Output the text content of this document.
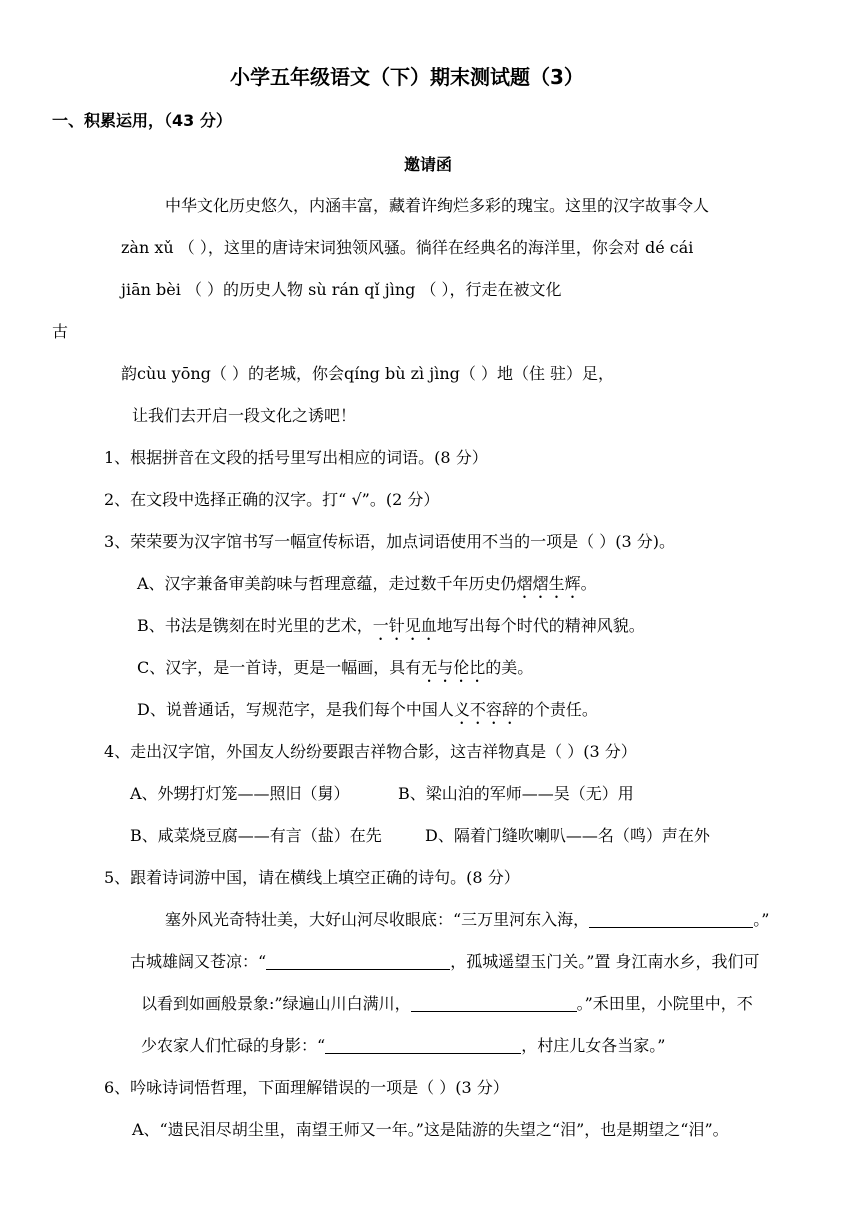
小学五年级语文（下）期末测试题（3）
一、积累运用，（43 分）
邀请函
中华文化历史悠久，内涵丰富，藏着许绚烂多彩的瑰宝。这里的汉字故事令人
zàn xǔ （ ），这里的唐诗宋词独领风骚。徜徉在经典名的海洋里，你会对 dé cái
jiān bèi （ ）的历史人物 sù rán qǐ jìng （ ），行走在被文化
古
韵cùu yōng（ ）的老城，你会qíng bù zì jìng（ ）地（住 驻）足，
让我们去开启一段文化之诱吧！
1、根据拼音在文段的括号里写出相应的词语。(8 分）
2、在文段中选择正确的汉字。打“ √”。(2 分）
3、荣荣要为汉字馆书写一幅宣传标语，加点词语使用不当的一项是（ ）(3 分)。
A、汉字兼备审美韵味与哲理意蕴，走过数千年历史仍熠熠生辉。
B、书法是镌刻在时光里的艺术，一针见血地写出每个时代的精神风貌。
C、汉字，是一首诗，更是一幅画，具有无与伦比的美。
D、说普通话，写规范字，是我们每个中国人义不容辞的个责任。
4、走出汉字馆，外国友人纷纷要跟吉祥物合影，这吉祥物真是（ ）(3 分）
A、外甥打灯笼——照旧（舅）	B、梁山泊的军师——吴（无）用
B、咸菜烧豆腐——有言（盐）在先	D、隔着门缝吹喇叭——名（鸣）声在外
5、跟着诗词游中国，请在横线上填空正确的诗句。(8 分）
塞外风光奇特壮美，大好山河尽收眼底：“三万里河东入海，	。”
古城雄阔又苍凉：“	，孤城遥望玉门关。”置 身江南水乡，我们可
以看到如画般景象:”绿遍山川白满川，	。”禾田里，小院里中，不
少农家人们忙碌的身影：“	，村庄儿女各当家。”
6、吟咏诗词悟哲理，下面理解错误的一项是（ ）(3 分）
A、“遗民泪尽胡尘里，南望王师又一年。”这是陆游的失望之“泪”，也是期望之“泪”。
